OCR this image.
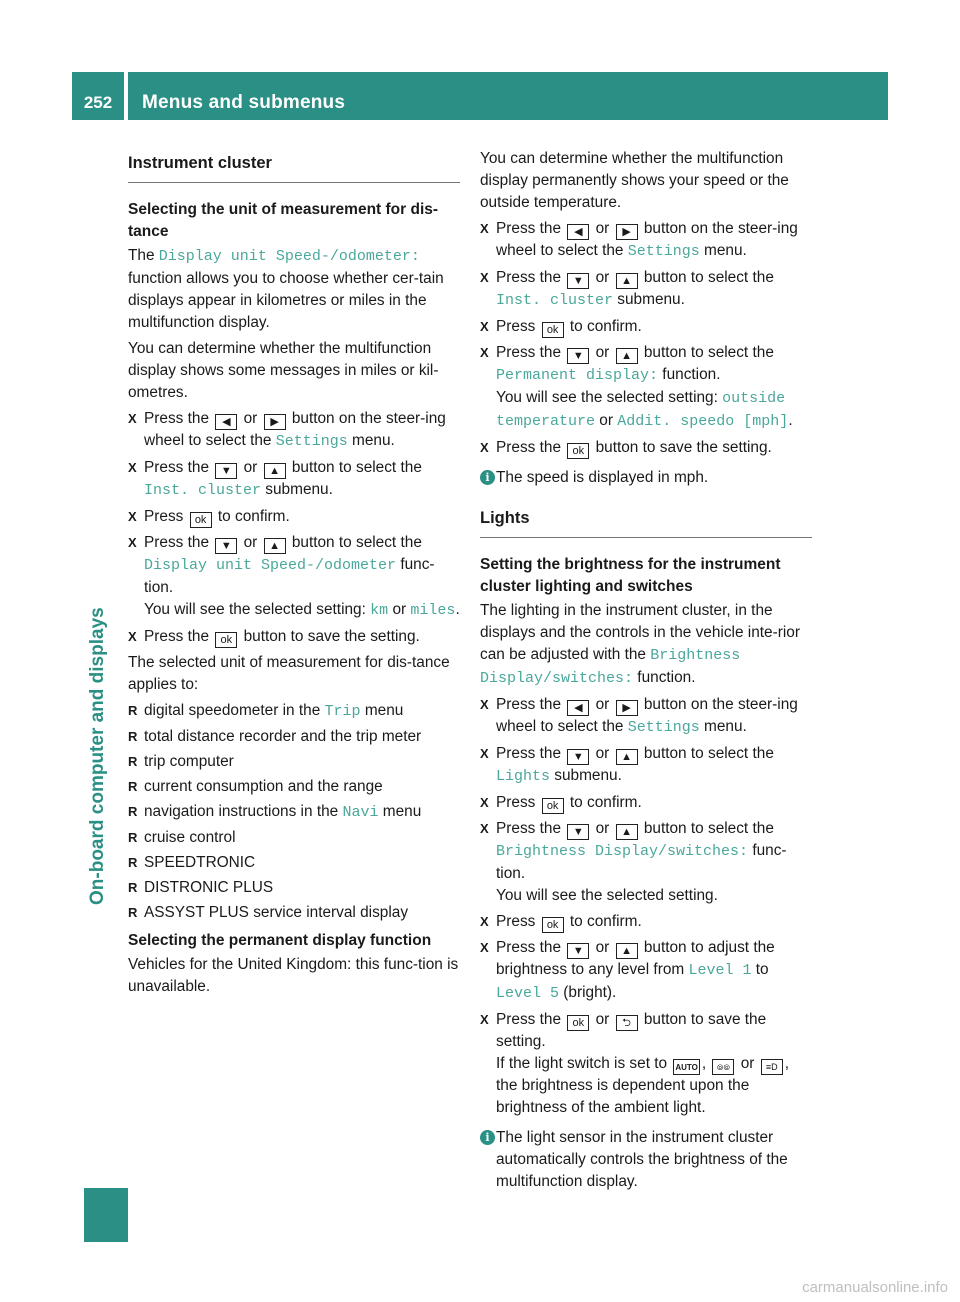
252	Menus and submenus
On-board computer and displays
Instrument cluster
Selecting the unit of measurement for dis-tance

The Display unit Speed-/odometer: function allows you to choose whether cer-tain displays appear in kilometres or miles in the multifunction display.

You can determine whether the multifunction display shows some messages in miles or kil-ometres.

X Press the ◀ or ▶ button on the steer-ing wheel to select the Settings menu.
X Press the ▼ or ▲ button to select the Inst. cluster submenu.
X Press ok to confirm.
X Press the ▼ or ▲ button to select the Display unit Speed-/odometer func-tion.
You will see the selected setting: km or miles.
X Press the ok button to save the setting.

The selected unit of measurement for dis-tance applies to:

R digital speedometer in the Trip menu
R total distance recorder and the trip meter
R trip computer
R current consumption and the range
R navigation instructions in the Navi menu
R cruise control
R SPEEDTRONIC
R DISTRONIC PLUS
R ASSYST PLUS service interval display
Selecting the permanent display function

Vehicles for the United Kingdom: this func-tion is unavailable.

You can determine whether the multifunction display permanently shows your speed or the outside temperature.

X Press the ◀ or ▶ button on the steer-ing wheel to select the Settings menu.
X Press the ▼ or ▲ button to select the Inst. cluster submenu.
X Press ok to confirm.
X Press the ▼ or ▲ button to select the Permanent display: function.
You will see the selected setting: outside temperature or Addit. speedo [mph].
X Press the ok button to save the setting.
i The speed is displayed in mph.
Lights
Setting the brightness for the instrument cluster lighting and switches

The lighting in the instrument cluster, in the displays and the controls in the vehicle inte-rior can be adjusted with the Brightness Display/switches: function.

X Press the ◀ or ▶ button on the steer-ing wheel to select the Settings menu.
X Press the ▼ or ▲ button to select the Lights submenu.
X Press ok to confirm.
X Press the ▼ or ▲ button to select the Brightness Display/switches: func-tion.
You will see the selected setting.
X Press ok to confirm.
X Press the ▼ or ▲ button to adjust the brightness to any level from Level 1 to Level 5 (bright).
X Press the ok or ⮌ button to save the setting.
If the light switch is set to AUTO , ⦾⦾ or ≡D , the brightness is dependent upon the brightness of the ambient light.
i The light sensor in the instrument cluster automatically controls the brightness of the multifunction display.
carmanualsonline.info
